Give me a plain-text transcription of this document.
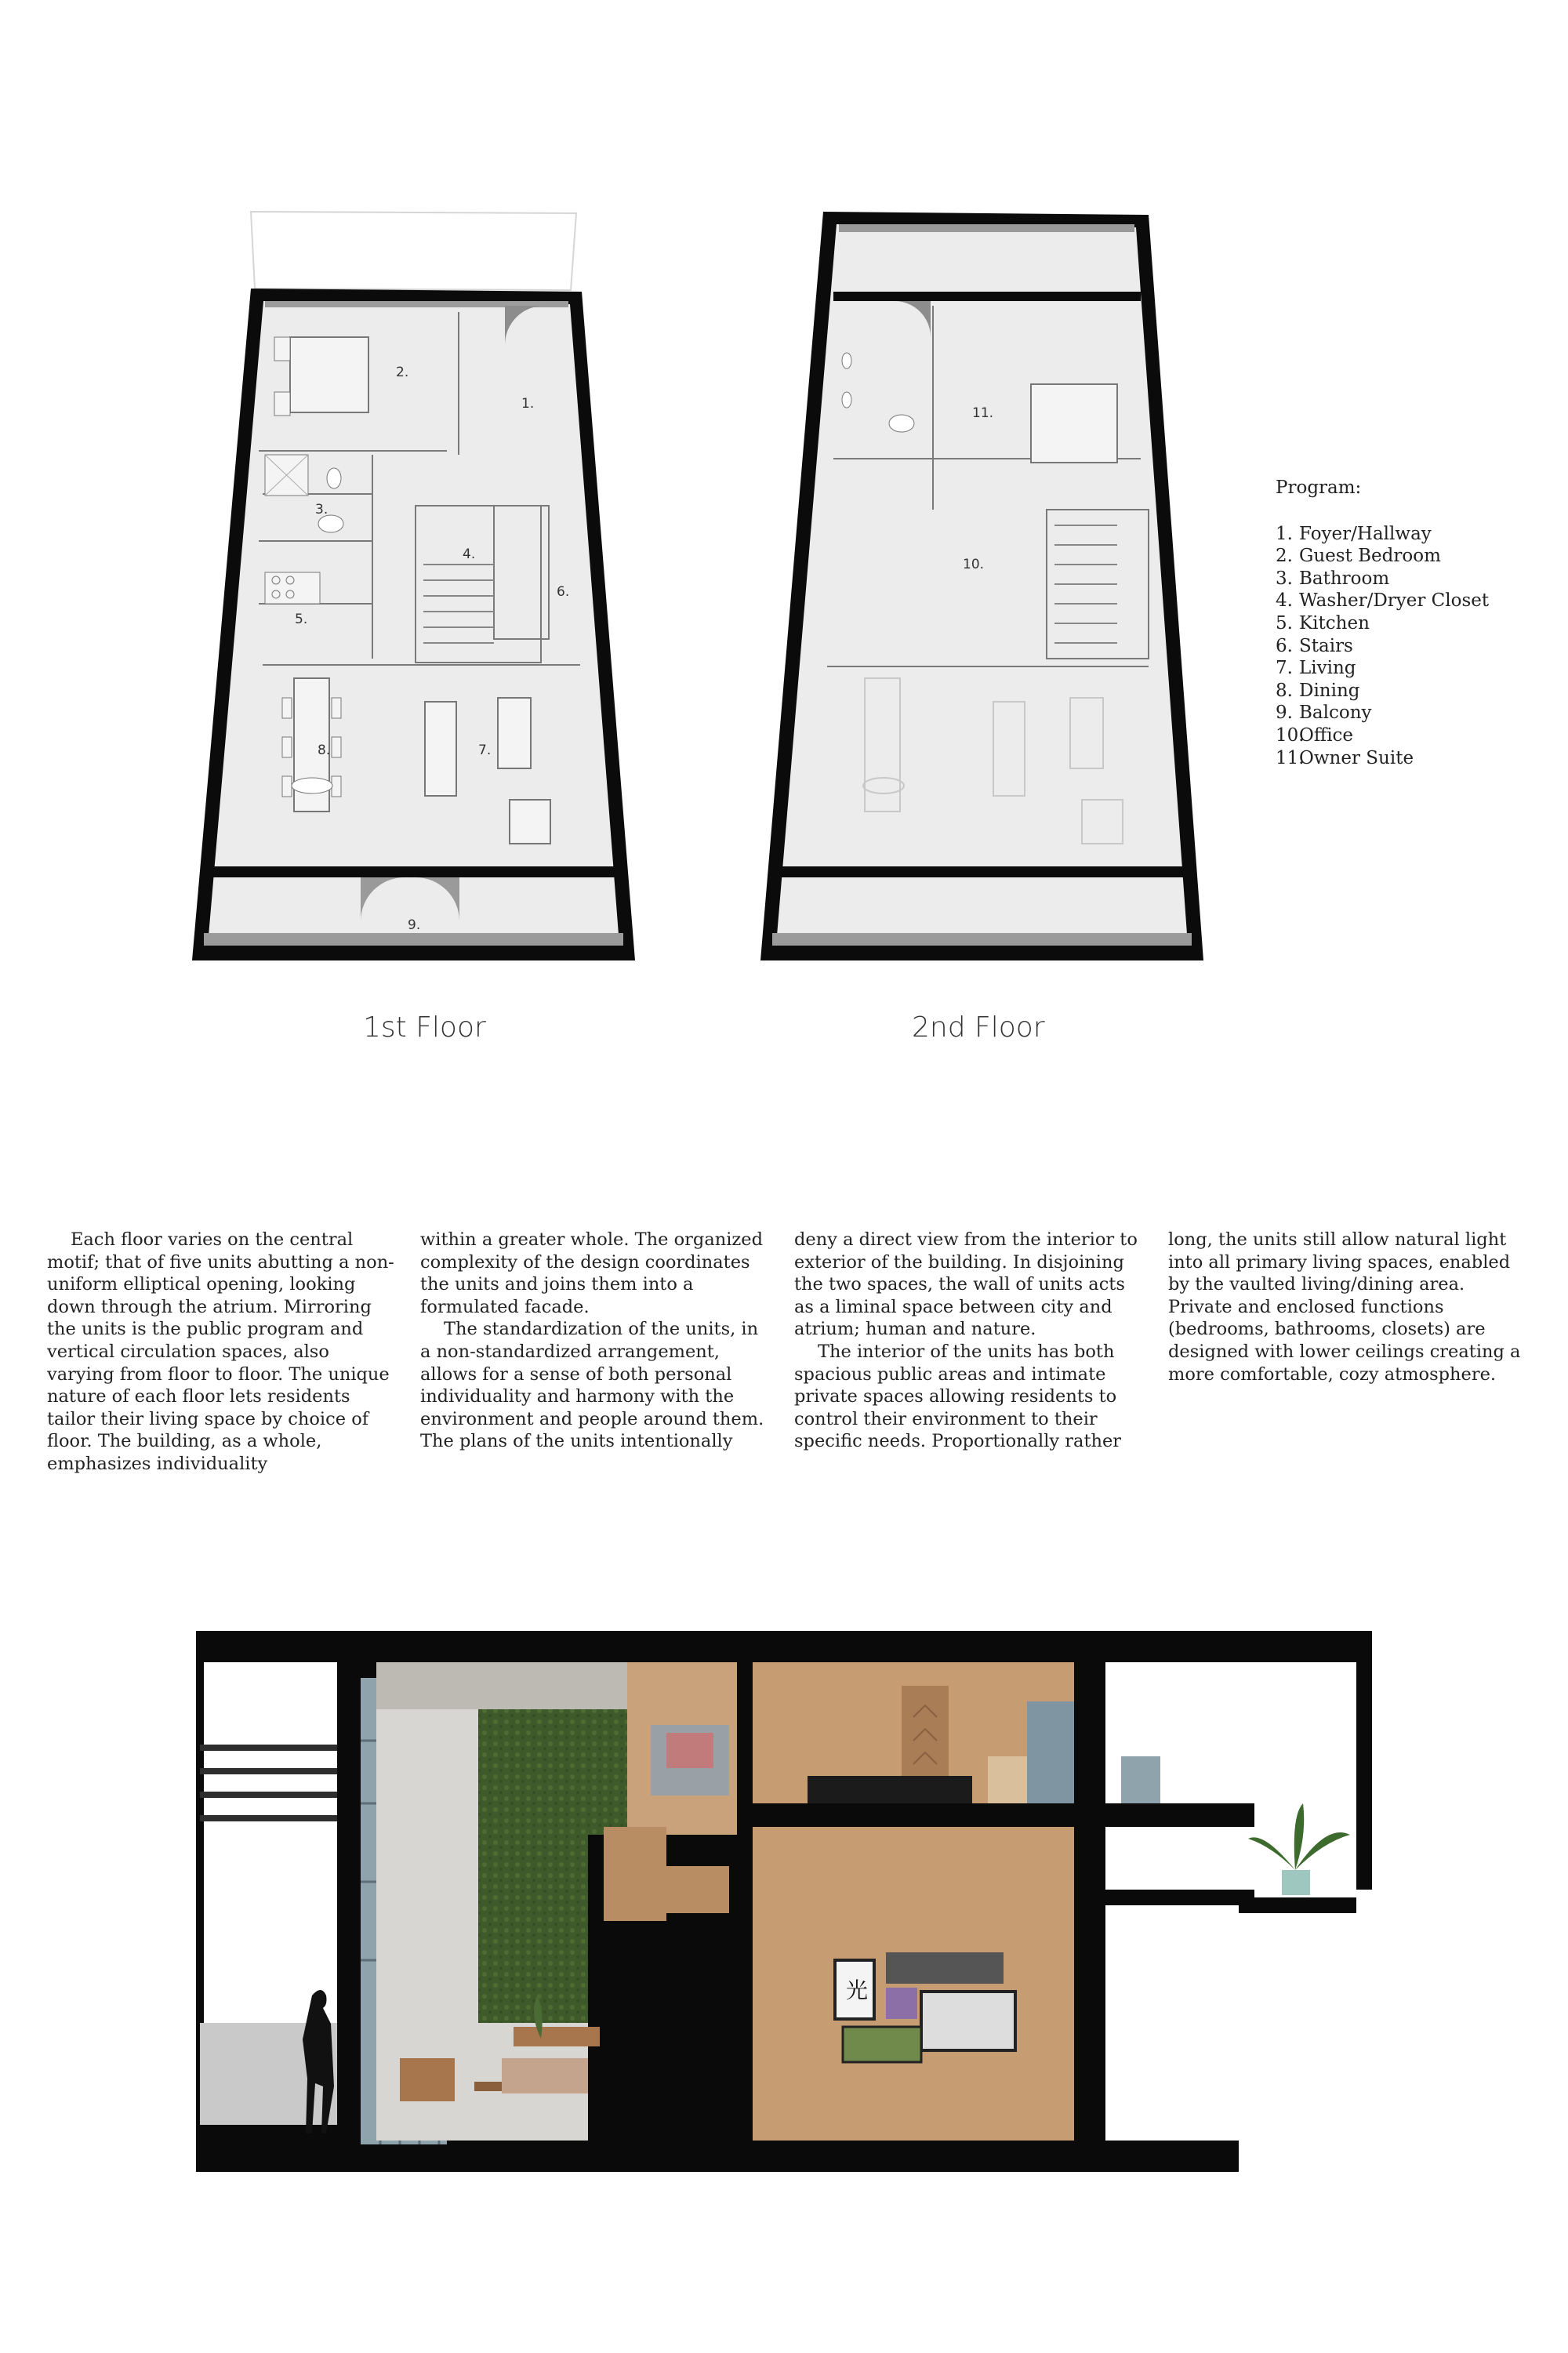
2.
1.
3.
4.
6.
5.
8.	7.
9.
1st Floor
11.
10.
2nd Floor
Program:
1. Foyer/Hallway
2. Guest Bedroom
3. Bathroom
4. Washer/Dryer Closet
5. Kitchen
6. Stairs
7. Living
8. Dining
9. Balcony
10.Office
11.Owner Suite

Each floor varies on the central motif; that of five units abutting a non-uniform elliptical opening, looking down through the atrium. Mirroring the units is the public program and vertical circulation spaces, also varying from floor to floor. The unique nature of each floor lets residents tailor their living space by choice of floor. The building, as a whole, emphasizes individuality

within a greater whole. The organized complexity of the design coordinates the units and joins them into a formulated facade.

The standardization of the units, in a non-standardized arrangement, allows for a sense of both personal individuality and harmony with the environment and people around them. The plans of the units intentionally

deny a direct view from the interior to exterior of the building. In disjoining the two spaces, the wall of units acts as a liminal space between city and atrium; human and nature.

The interior of the units has both spacious public areas and intimate private spaces allowing residents to control their environment to their specific needs. Proportionally rather

long, the units still allow natural light into all primary living spaces, enabled by the vaulted living/dining area. Private and enclosed functions (bedrooms, bathrooms, closets) are designed with lower ceilings creating a more comfortable, cozy atmosphere.

光
